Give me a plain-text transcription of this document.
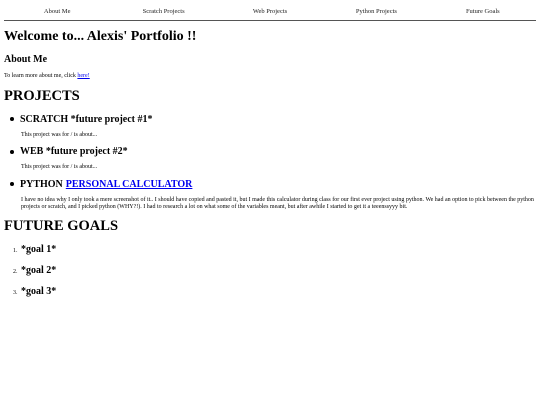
About Me	Scratch Projects	Web Projects	Python Projects	Future Goals
Welcome to... Alexis' Portfolio !!
About Me

To learn more about me, click here!

PROJECTS
SCRATCH *future project #1*

This project was for / is about...

WEB *future project #2*

This project was for / is about...

PYTHON PERSONAL CALCULATOR

I have no idea why I only took a mere screenshot of it.. I should have copied and pasted it, but I made this calculator during class for our first ever project using python. We had an option to pick between the python projects or scratch, and I picked python (WHY?!). I had to research a lot on what some of the variables meant, but after awhile I started to get it a teeenssyyy bit.

FUTURE GOALS
1. *goal 1*
2. *goal 2*
3. *goal 3*
